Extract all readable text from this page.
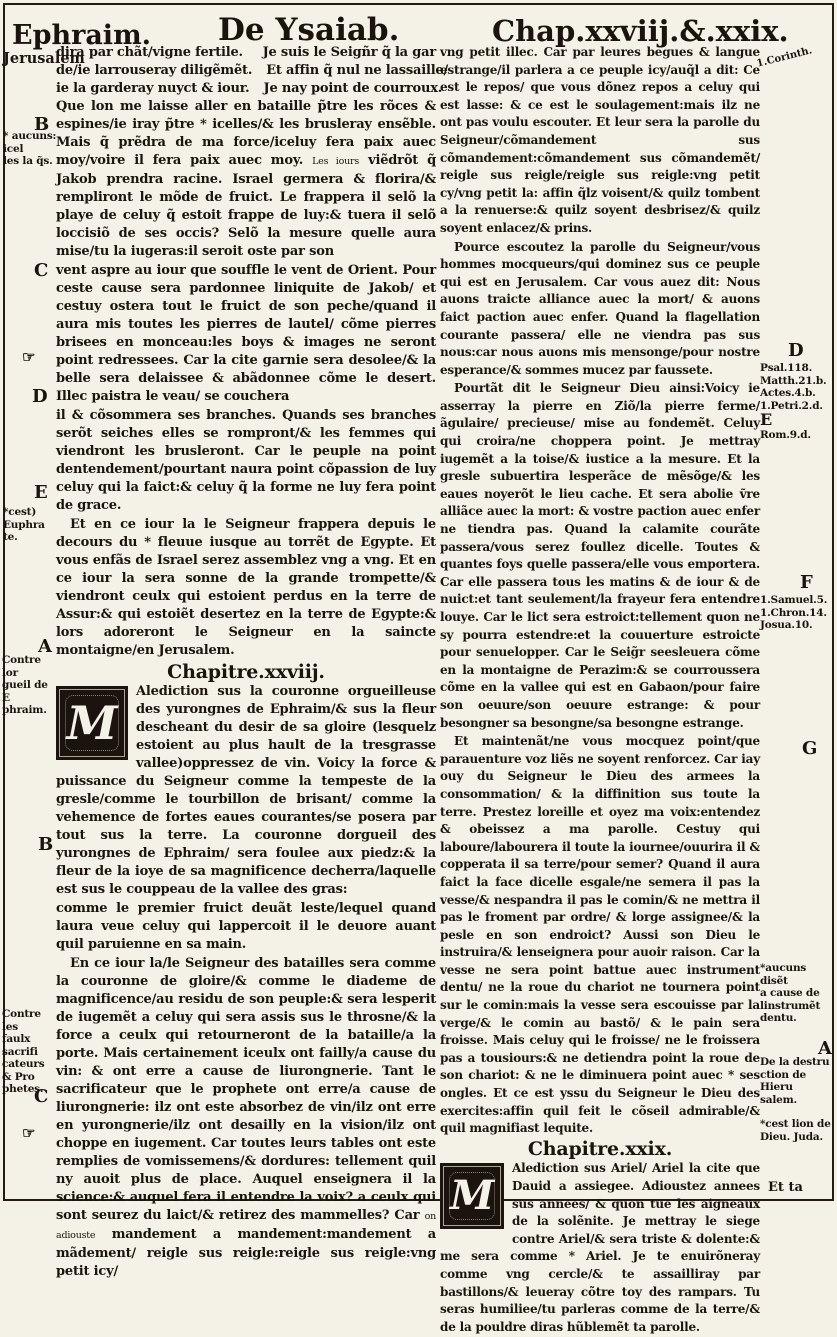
Ephraim. De Ysaiab.	Chap.xxviij.&.xxix.
Jerusalem
* aucuns: icel
les la q̃s.
B
C
☞
D
E
*cest) Euphra
te.
A
Contre lor
gueil de E
phraim.
B
Contre les
faulx sacrifi
cateurs & Pro
phetes.
C
☞
dira par chãt/vigne fertile. Je suis le Seigñr q̃ la gar
de/ie larrouseray diligẽmẽt. Et affin q̃ nul ne lassaille/
ie la garderay nuyct & iour. Je nay point de courroux.

Que lon me laisse aller en bataille p̃tre les rõces & espines/ie iray p̃tre * icelles/& les brusleray ensẽble. Mais q̃ prẽdra de ma force/iceluy fera paix auec moy/voire il fera paix auec moy. Les iours viẽdrõt q̃ Jakob prendra racine. Israel germera & florira/& rempliront le mõde de fruict. Le frappera il selõ la playe de celuy q̃ estoit frappe de luy:& tuera il selõ loccisiõ de ses occis? Selõ la mesure quelle aura mise/tu la iugeras:il seroit oste par son

vent aspre au iour que souffle le vent de Orient. Pour ceste cause sera pardonnee liniquite de Jakob/ et cestuy ostera tout le fruict de son peche/quand il aura mis toutes les pierres de lautel/ cõme pierres brisees en monceau:les boys & images ne seront point redressees. Car la cite garnie sera desolee/& la belle sera delaissee & abãdonnee cõme le desert. Illec paistra le veau/ se couchera

il & cõsommera ses branches. Quands ses branches serõt seiches elles se rompront/& les femmes qui viendront les brusleront. Car le peuple na point dentendement/pourtant naura point cõpassion de luy celuy qui la faict:& celuy q̃ la forme ne luy fera point de grace.

Et en ce iour la le Seigneur frappera depuis le decours du * fleuue iusque au torrẽt de Egypte. Et vous enfãs de Israel serez assemblez vng a vng. Et en ce iour la sera sonne de la grande trompette/& viendront ceulx qui estoient perdus en la terre de Assur:& qui estoiẽt desertez en la terre de Egypte:& lors adoreront le Seigneur en la saincte montaigne/en Jerusalem.

Chapitre.xxviij.

M

Alediction sus la couronne orgueilleuse des yurongnes de Ephraim/& sus la fleur descheant du desir de sa gloire (lesquelz estoient au plus hault de la tresgrasse vallee)oppressez de vin. Voicy la force & puissance du Seigneur comme la tempeste de la gresle/comme le tourbillon de brisant/ comme la vehemence de fortes eaues courantes/se posera par tout sus la terre. La couronne dorgueil des yurongnes de Ephraim/ sera foulee aux piedz:& la fleur de la ioye de sa magnificence decherra/laquelle est sus le couppeau de la vallee des gras:

comme le premier fruict deuãt leste/lequel quand laura veue celuy qui lappercoit il le deuore auant quil paruienne en sa main.

En ce iour la/le Seigneur des batailles sera comme la couronne de gloire/& comme le diademe de magnificence/au residu de son peuple:& sera lesperit de iugemẽt a celuy qui sera assis sus le throsne/& la force a ceulx qui retourneront de la bataille/a la porte. Mais certainement iceulx ont failly/a cause du vin: & ont erre a cause de liurongnerie. Tant le sacrificateur que le prophete ont erre/a cause de liurongnerie: ilz ont este absorbez de vin/ilz ont erre en yurongnerie/ilz ont desailly en la vision/ilz ont choppe en iugement. Car toutes leurs tables ont este remplies de vomissemens/& dordures: tellement quil ny auoit plus de place. Auquel enseignera il la science:& auquel fera il entendre la voix? a ceulx qui sont seurez du laict/& retirez des mammelles? Car on adiouste mandement a mandement:mandement a mãdement/ reigle sus reigle:reigle sus reigle:vng petit icy/

vng petit illec. Car par leures begues & langue estrange/il parlera a ce peuple icy/auq̃l a dit: Ce est le repos/ que vous dõnez repos a celuy qui est lasse: & ce est le soulagement:mais ilz ne ont pas voulu escouter. Et leur sera la parolle du Seigneur/cõmandement sus cõmandement:cõmandement sus cõmandemẽt/ reigle sus reigle/reigle sus reigle:vng petit cy/vng petit la: affin q̃lz voisent/& quilz tombent a la renuerse:& quilz soyent desbrisez/& quilz soyent enlacez/& prins.

Pource escoutez la parolle du Seigneur/vous hommes mocqueurs/qui dominez sus ce peuple qui est en Jerusalem. Car vous auez dit: Nous auons traicte alliance auec la mort/ & auons faict paction auec enfer. Quand la flagellation courante passera/ elle ne viendra pas sus nous:car nous auons mis mensonge/pour nostre esperance/& sommes mucez par faussete.

Pourtãt dit le Seigneur Dieu ainsi:Voicy ie asserray la pierre en Ziõ/la pierre ferme/ ãgulaire/ precieuse/ mise au fondemẽt. Celuy qui croira/ne choppera point. Je mettray iugemẽt a la toise/& iustice a la mesure. Et la gresle subuertira lesperãce de mẽsõge/& les eaues noyerõt le lieu cache. Et sera abolie ṽre alliãce auec la mort: & vostre paction auec enfer ne tiendra pas. Quand la calamite courãte passera/vous serez foullez dicelle. Toutes & quantes foys quelle passera/elle vous emportera. Car elle passera tous les matins & de iour & de nuict:et tant seulement/la frayeur fera entendre louye. Car le lict sera estroict:tellement quon ne sy pourra estendre:et la couuerture estroicte pour senuelopper. Car le Seig̃r seesleuera cõme en la montaigne de Perazim:& se courroussera cõme en la vallee qui est en Gabaon/pour faire son oeuure/son oeuure estrange: & pour besongner sa besongne/sa besongne estrange.

Et maintenãt/ne vous mocquez point/que parauenture voz liẽs ne soyent renforcez. Car iay ouy du Seigneur le Dieu des armees la consommation/ & la diffinition sus toute la terre. Prestez loreille et oyez ma voix:entendez & obeissez a ma parolle. Cestuy qui laboure/labourera il toute la iournee/ouurira il & copperata il sa terre/pour semer? Quand il aura faict la face dicelle esgale/ne semera il pas la vesse/& nespandra il pas le comin/& ne mettra il pas le froment par ordre/ & lorge assignee/& la pesle en son endroict? Aussi son Dieu le instruira/& lenseignera pour auoir raison. Car la vesse ne sera point battue auec instrument dentu/ ne la roue du chariot ne tournera point sur le comin:mais la vesse sera escouisse par la verge/& le comin au bastõ/ & le pain sera froisse. Mais celuy qui le froisse/ ne le froissera pas a tousiours:& ne detiendra point la roue de son chariot: & ne le diminuera point auec * ses ongles. Et ce est yssu du Seigneur le Dieu des exercites:affin quil feit le cõseil admirable/& quil magnifiast lequite.

Chapitre.xxix.

M

Alediction sus Ariel/ Ariel la cite que Dauid a assiegee. Adioustez annees sus annees/ & quon tue les aigneaux de la solẽnite. Je mettray le siege contre Ariel/& sera triste & dolente:& me sera comme * Ariel. Je te enuirõneray comme vng cercle/& te assailliray par bastillons/& leueray cõtre toy des rampars. Tu seras humiliee/tu parleras comme de la terre/& de la pouldre diras hũblemẽt ta parolle.

1.Corinth.
D
Psal.118.
Matth.21.b.
Actes.4.b.
1.Petri.2.d.
E
Rom.9.d.
F
1.Samuel.5.
1.Chron.14.
Josua.10.
G
*aucuns disẽt
a cause de
linstrumẽt
dentu.
A
De la destru
ction de Hieru
salem.
*cest lion de
Dieu. Juda.
Et ta
